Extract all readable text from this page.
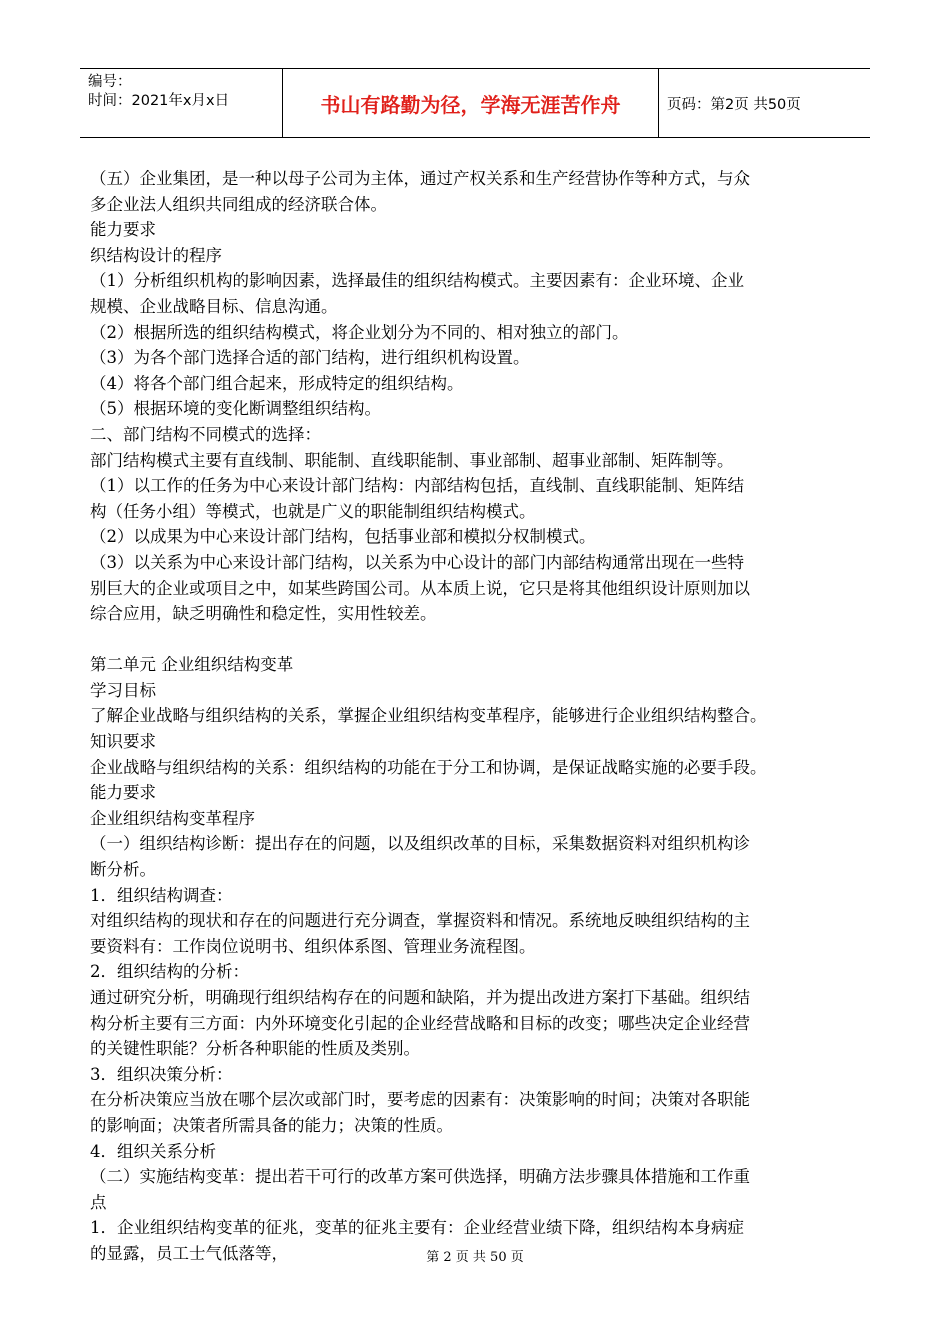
编号：
时间：2021年x月x日	书山有路勤为径，学海无涯苦作舟	页码：第2页 共50页

（五）企业集团，是一种以母子公司为主体，通过产权关系和生产经营协作等种方式，与众

多企业法人组织共同组成的经济联合体。

能力要求

织结构设计的程序

（1）分析组织机构的影响因素，选择最佳的组织结构模式。主要因素有：企业环境、企业

规模、企业战略目标、信息沟通。

（2）根据所选的组织结构模式，将企业划分为不同的、相对独立的部门。

（3）为各个部门选择合适的部门结构，进行组织机构设置。

（4）将各个部门组合起来，形成特定的组织结构。

（5）根据环境的变化断调整组织结构。

二、部门结构不同模式的选择：

部门结构模式主要有直线制、职能制、直线职能制、事业部制、超事业部制、矩阵制等。

（1）以工作的任务为中心来设计部门结构：内部结构包括，直线制、直线职能制、矩阵结

构（任务小组）等模式，也就是广义的职能制组织结构模式。

（2）以成果为中心来设计部门结构，包括事业部和模拟分权制模式。

（3）以关系为中心来设计部门结构，以关系为中心设计的部门内部结构通常出现在一些特

别巨大的企业或项目之中，如某些跨国公司。从本质上说，它只是将其他组织设计原则加以

综合应用，缺乏明确性和稳定性，实用性较差。

第二单元 企业组织结构变革

学习目标

了解企业战略与组织结构的关系，掌握企业组织结构变革程序，能够进行企业组织结构整合。

知识要求

企业战略与组织结构的关系：组织结构的功能在于分工和协调，是保证战略实施的必要手段。

能力要求

企业组织结构变革程序

（一）组织结构诊断：提出存在的问题，以及组织改革的目标，采集数据资料对组织机构诊

断分析。

1．组织结构调查：

对组织结构的现状和存在的问题进行充分调查，掌握资料和情况。系统地反映组织结构的主

要资料有：工作岗位说明书、组织体系图、管理业务流程图。

2．组织结构的分析：

通过研究分析，明确现行组织结构存在的问题和缺陷，并为提出改进方案打下基础。组织结

构分析主要有三方面：内外环境变化引起的企业经营战略和目标的改变；哪些决定企业经营

的关键性职能？分析各种职能的性质及类别。

3．组织决策分析：

在分析决策应当放在哪个层次或部门时，要考虑的因素有：决策影响的时间；决策对各职能

的影响面；决策者所需具备的能力；决策的性质。

4．组织关系分析

（二）实施结构变革：提出若干可行的改革方案可供选择，明确方法步骤具体措施和工作重

点

1．企业组织结构变革的征兆，变革的征兆主要有：企业经营业绩下降，组织结构本身病症

的显露，员工士气低落等，	第 2 页 共 50 页
